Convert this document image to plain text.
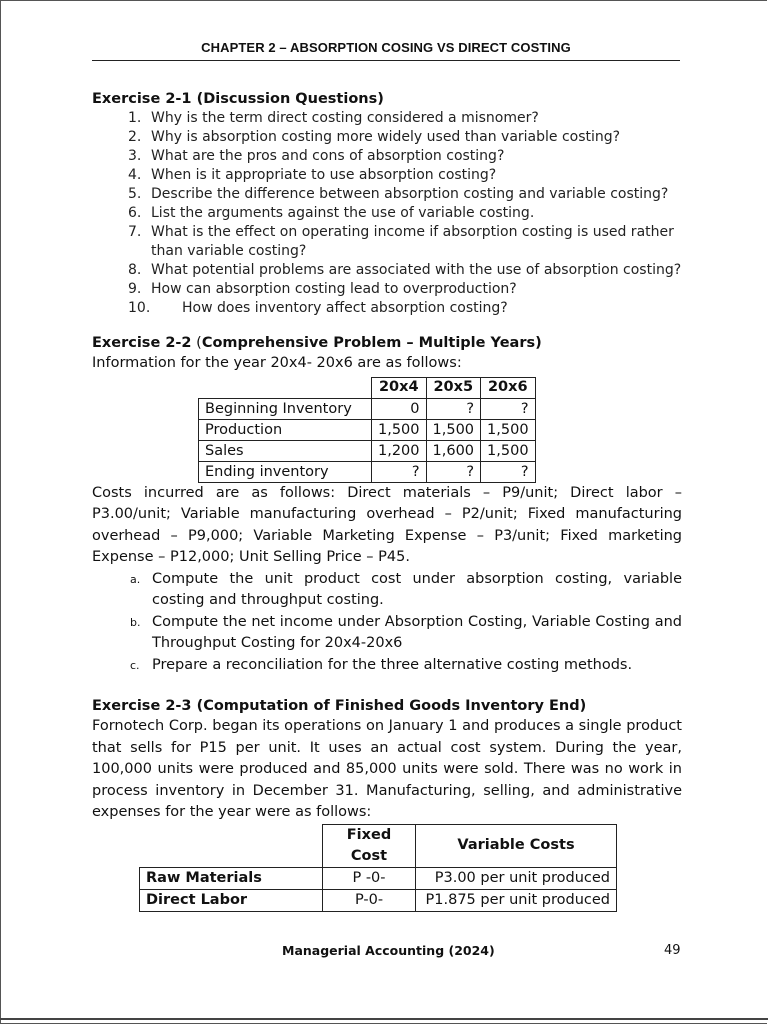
CHAPTER 2 – ABSORPTION COSING VS DIRECT COSTING

Exercise 2-1 (Discussion Questions)

1. Why is the term direct costing considered a misnomer?
2. Why is absorption costing more widely used than variable costing?
3. What are the pros and cons of absorption costing?
4. When is it appropriate to use absorption costing?
5. Describe the difference between absorption costing and variable costing?
6. List the arguments against the use of variable costing.
7. What is the effect on operating income if absorption costing is used rather than variable costing?
8. What potential problems are associated with the use of absorption costing?
9. How can absorption costing lead to overproduction?
10. How does inventory affect absorption costing?

Exercise 2-2 (Comprehensive Problem – Multiple Years)

Information for the year 20x4- 20x6 are as follows:

	20x4	20x5	20x6
Beginning Inventory	0	?	?
Production	1,500	1,500	1,500
Sales	1,200	1,600	1,500
Ending inventory	?	?	?

Costs incurred are as follows: Direct materials – P9/unit; Direct labor – P3.00/unit; Variable manufacturing overhead – P2/unit; Fixed manufacturing overhead – P9,000; Variable Marketing Expense – P3/unit; Fixed marketing Expense – P12,000; Unit Selling Price – P45.

a. Compute the unit product cost under absorption costing, variable costing and throughput costing.
b. Compute the net income under Absorption Costing, Variable Costing and Throughput Costing for 20x4-20x6
c. Prepare a reconciliation for the three alternative costing methods.

Exercise 2-3 (Computation of Finished Goods Inventory End)

Fornotech Corp. began its operations on January 1 and produces a single product that sells for P15 per unit. It uses an actual cost system. During the year, 100,000 units were produced and 85,000 units were sold. There was no work in process inventory in December 31. Manufacturing, selling, and administrative expenses for the year were as follows:

	Fixed Cost	Variable Costs
Raw Materials	P -0-	P3.00 per unit produced
Direct Labor	P-0-	P1.875 per unit produced
Managerial Accounting (2024)	49
